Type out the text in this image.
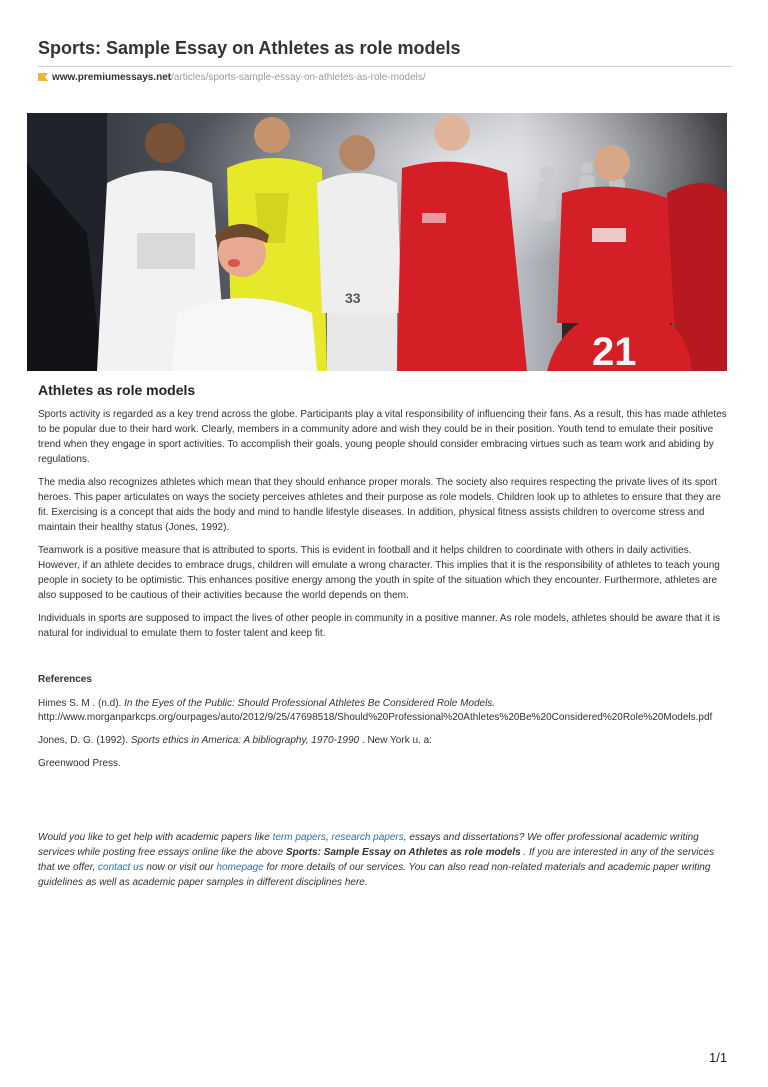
Sports: Sample Essay on Athletes as role models
www.premiumessays.net/articles/sports-sample-essay-on-athletes-as-role-models/
Athletes as role models

Sports activity is regarded as a key trend across the globe. Participants play a vital responsibility of influencing their fans. As a result, this has made athletes to be popular due to their hard work. Clearly, members in a community adore and wish they could be in their position. Youth tend to emulate their positive trend when they engage in sport activities. To accomplish their goals, young people should consider embracing virtues such as team work and abiding by regulations.

The media also recognizes athletes which mean that they should enhance proper morals. The society also requires respecting the private lives of its sport heroes. This paper articulates on ways the society perceives athletes and their purpose as role models. Children look up to athletes to ensure that they are fit. Exercising is a concept that aids the body and mind to handle lifestyle diseases. In addition, physical fitness assists children to overcome stress and maintain their healthy status (Jones, 1992).

Teamwork is a positive measure that is attributed to sports. This is evident in football and it helps children to coordinate with others in daily activities. However, if an athlete decides to embrace drugs, children will emulate a wrong character. This implies that it is the responsibility of athletes to teach young people in society to be optimistic. This enhances positive energy among the youth in spite of the situation which they encounter. Furthermore, athletes are also supposed to be cautious of their activities because the world depends on them.

Individuals in sports are supposed to impact the lives of other people in community in a positive manner. As role models, athletes should be aware that it is natural for individual to emulate them to foster talent and keep fit.

References

Himes S. M . (n.d). In the Eyes of the Public: Should Professional Athletes Be Considered Role Models.
http://www.morganparkcps.org/ourpages/auto/2012/9/25/47698518/Should%20Professional%20Athletes%20Be%20Considered%20Role%20Models.pdf

Jones, D. G. (1992). Sports ethics in America: A bibliography, 1970-1990 . New York u. a:

Greenwood Press.

Would you like to get help with academic papers like term papers, research papers, essays and dissertations? We offer professional academic writing services while posting free essays online like the above Sports: Sample Essay on Athletes as role models . If you are interested in any of the services that we offer, contact us now or visit our homepage for more details of our services. You can also read non-related materials and academic paper writing guidelines as well as academic paper samples in different disciplines here.
33
21
1/1
